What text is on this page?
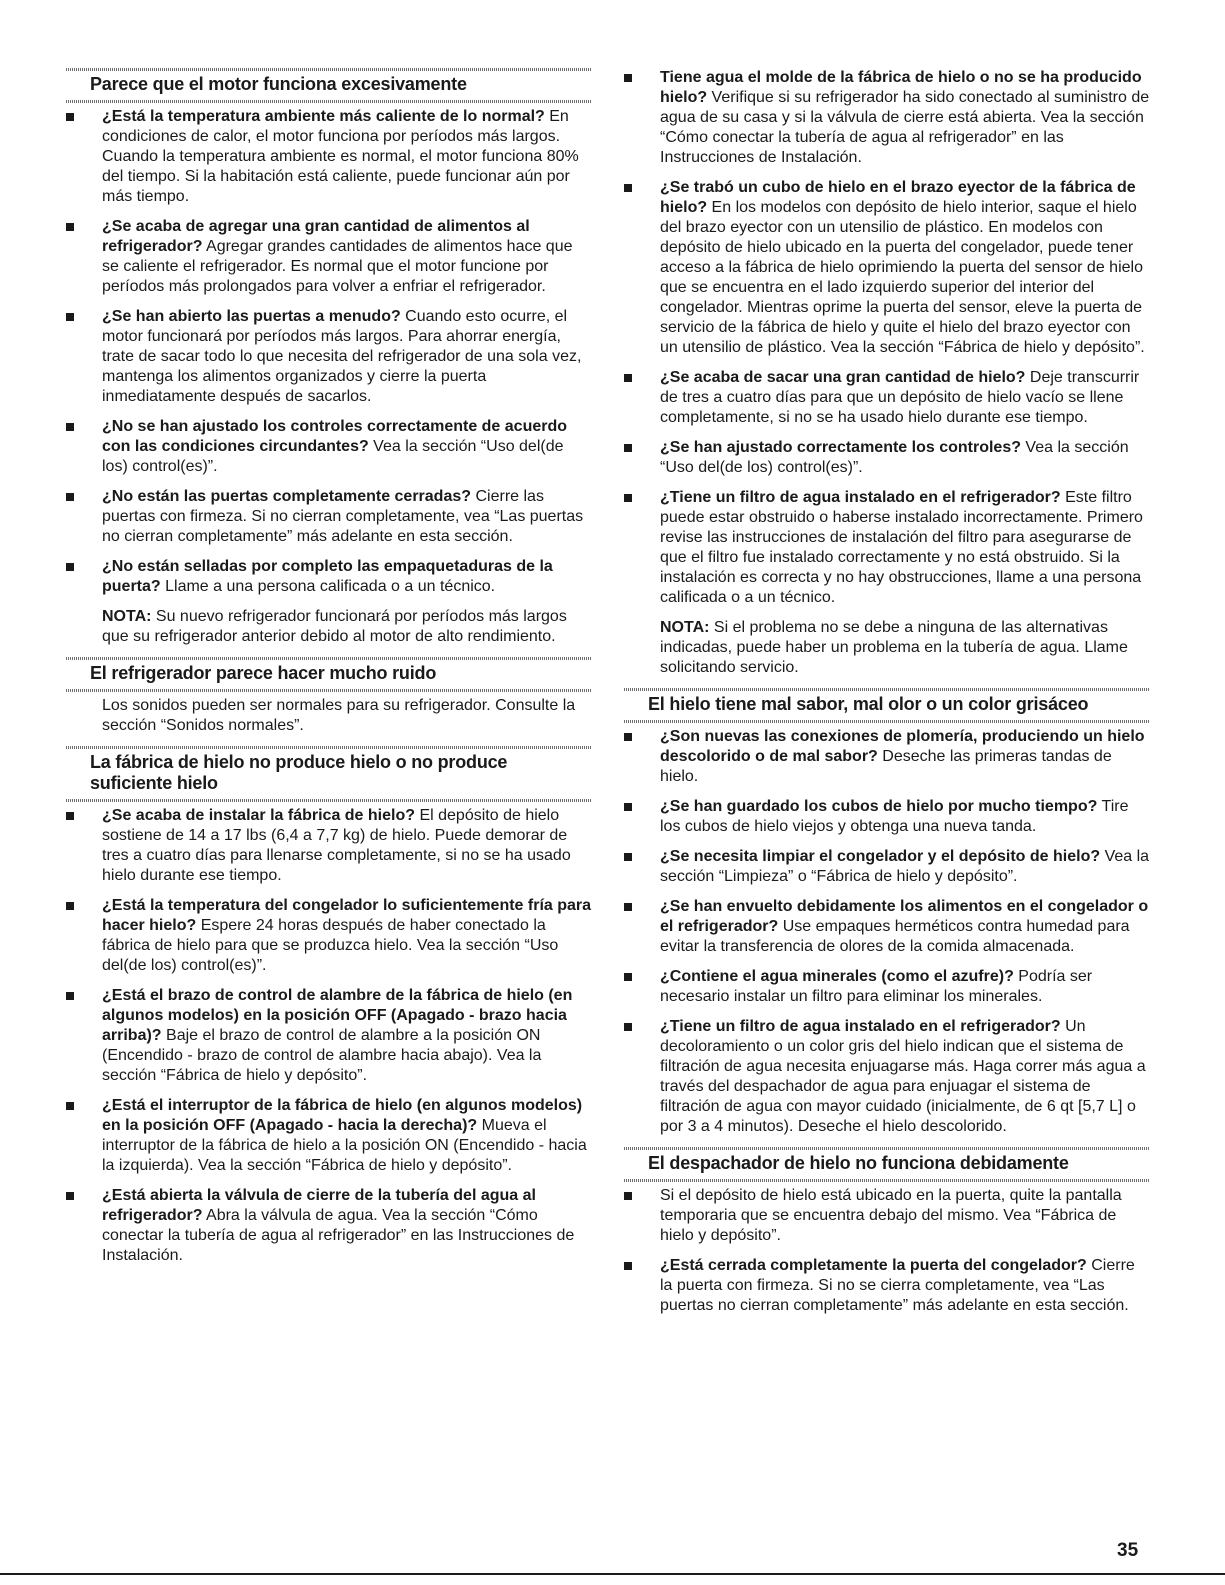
Parece que el motor funciona excesivamente
¿Está la temperatura ambiente más caliente de lo normal? En condiciones de calor, el motor funciona por períodos más largos. Cuando la temperatura ambiente es normal, el motor funciona 80% del tiempo. Si la habitación está caliente, puede funcionar aún por más tiempo.
¿Se acaba de agregar una gran cantidad de alimentos al refrigerador? Agregar grandes cantidades de alimentos hace que se caliente el refrigerador. Es normal que el motor funcione por períodos más prolongados para volver a enfriar el refrigerador.
¿Se han abierto las puertas a menudo? Cuando esto ocurre, el motor funcionará por períodos más largos. Para ahorrar energía, trate de sacar todo lo que necesita del refrigerador de una sola vez, mantenga los alimentos organizados y cierre la puerta inmediatamente después de sacarlos.
¿No se han ajustado los controles correctamente de acuerdo con las condiciones circundantes? Vea la sección “Uso del(de los) control(es)”.
¿No están las puertas completamente cerradas? Cierre las puertas con firmeza. Si no cierran completamente, vea “Las puertas no cierran completamente” más adelante en esta sección.
¿No están selladas por completo las empaquetaduras de la puerta? Llame a una persona calificada o a un técnico.

NOTA: Su nuevo refrigerador funcionará por períodos más largos que su refrigerador anterior debido al motor de alto rendimiento.

El refrigerador parece hacer mucho ruido

Los sonidos pueden ser normales para su refrigerador. Consulte la sección “Sonidos normales”.

La fábrica de hielo no produce hielo o no produce suficiente hielo
¿Se acaba de instalar la fábrica de hielo? El depósito de hielo sostiene de 14 a 17 lbs (6,4 a 7,7 kg) de hielo. Puede demorar de tres a cuatro días para llenarse completamente, si no se ha usado hielo durante ese tiempo.
¿Está la temperatura del congelador lo suficientemente fría para hacer hielo? Espere 24 horas después de haber conectado la fábrica de hielo para que se produzca hielo. Vea la sección “Uso del(de los) control(es)”.
¿Está el brazo de control de alambre de la fábrica de hielo (en algunos modelos) en la posición OFF (Apagado - brazo hacia arriba)? Baje el brazo de control de alambre a la posición ON (Encendido - brazo de control de alambre hacia abajo). Vea la sección “Fábrica de hielo y depósito”.
¿Está el interruptor de la fábrica de hielo (en algunos modelos) en la posición OFF (Apagado - hacia la derecha)? Mueva el interruptor de la fábrica de hielo a la posición ON (Encendido - hacia la izquierda). Vea la sección “Fábrica de hielo y depósito”.
¿Está abierta la válvula de cierre de la tubería del agua al refrigerador? Abra la válvula de agua. Vea la sección “Cómo conectar la tubería de agua al refrigerador” en las Instrucciones de Instalación.
Tiene agua el molde de la fábrica de hielo o no se ha producido hielo? Verifique si su refrigerador ha sido conectado al suministro de agua de su casa y si la válvula de cierre está abierta. Vea la sección “Cómo conectar la tubería de agua al refrigerador” en las Instrucciones de Instalación.
¿Se trabó un cubo de hielo en el brazo eyector de la fábrica de hielo? En los modelos con depósito de hielo interior, saque el hielo del brazo eyector con un utensilio de plástico. En modelos con depósito de hielo ubicado en la puerta del congelador, puede tener acceso a la fábrica de hielo oprimiendo la puerta del sensor de hielo que se encuentra en el lado izquierdo superior del interior del congelador. Mientras oprime la puerta del sensor, eleve la puerta de servicio de la fábrica de hielo y quite el hielo del brazo eyector con un utensilio de plástico. Vea la sección “Fábrica de hielo y depósito”.
¿Se acaba de sacar una gran cantidad de hielo? Deje transcurrir de tres a cuatro días para que un depósito de hielo vacío se llene completamente, si no se ha usado hielo durante ese tiempo.
¿Se han ajustado correctamente los controles? Vea la sección “Uso del(de los) control(es)”.
¿Tiene un filtro de agua instalado en el refrigerador? Este filtro puede estar obstruido o haberse instalado incorrectamente. Primero revise las instrucciones de instalación del filtro para asegurarse de que el filtro fue instalado correctamente y no está obstruido. Si la instalación es correcta y no hay obstrucciones, llame a una persona calificada o a un técnico.

NOTA: Si el problema no se debe a ninguna de las alternativas indicadas, puede haber un problema en la tubería de agua. Llame solicitando servicio.

El hielo tiene mal sabor, mal olor o un color grisáceo
¿Son nuevas las conexiones de plomería, produciendo un hielo descolorido o de mal sabor? Deseche las primeras tandas de hielo.
¿Se han guardado los cubos de hielo por mucho tiempo? Tire los cubos de hielo viejos y obtenga una nueva tanda.
¿Se necesita limpiar el congelador y el depósito de hielo? Vea la sección “Limpieza” o “Fábrica de hielo y depósito”.
¿Se han envuelto debidamente los alimentos en el congelador o el refrigerador? Use empaques herméticos contra humedad para evitar la transferencia de olores de la comida almacenada.
¿Contiene el agua minerales (como el azufre)? Podría ser necesario instalar un filtro para eliminar los minerales.
¿Tiene un filtro de agua instalado en el refrigerador? Un decoloramiento o un color gris del hielo indican que el sistema de filtración de agua necesita enjuagarse más. Haga correr más agua a través del despachador de agua para enjuagar el sistema de filtración de agua con mayor cuidado (inicialmente, de 6 qt [5,7 L] o por 3 a 4 minutos). Deseche el hielo descolorido.
El despachador de hielo no funciona debidamente
Si el depósito de hielo está ubicado en la puerta, quite la pantalla temporaria que se encuentra debajo del mismo. Vea “Fábrica de hielo y depósito”.
¿Está cerrada completamente la puerta del congelador? Cierre la puerta con firmeza. Si no se cierra completamente, vea “Las puertas no cierran completamente” más adelante en esta sección.
35
